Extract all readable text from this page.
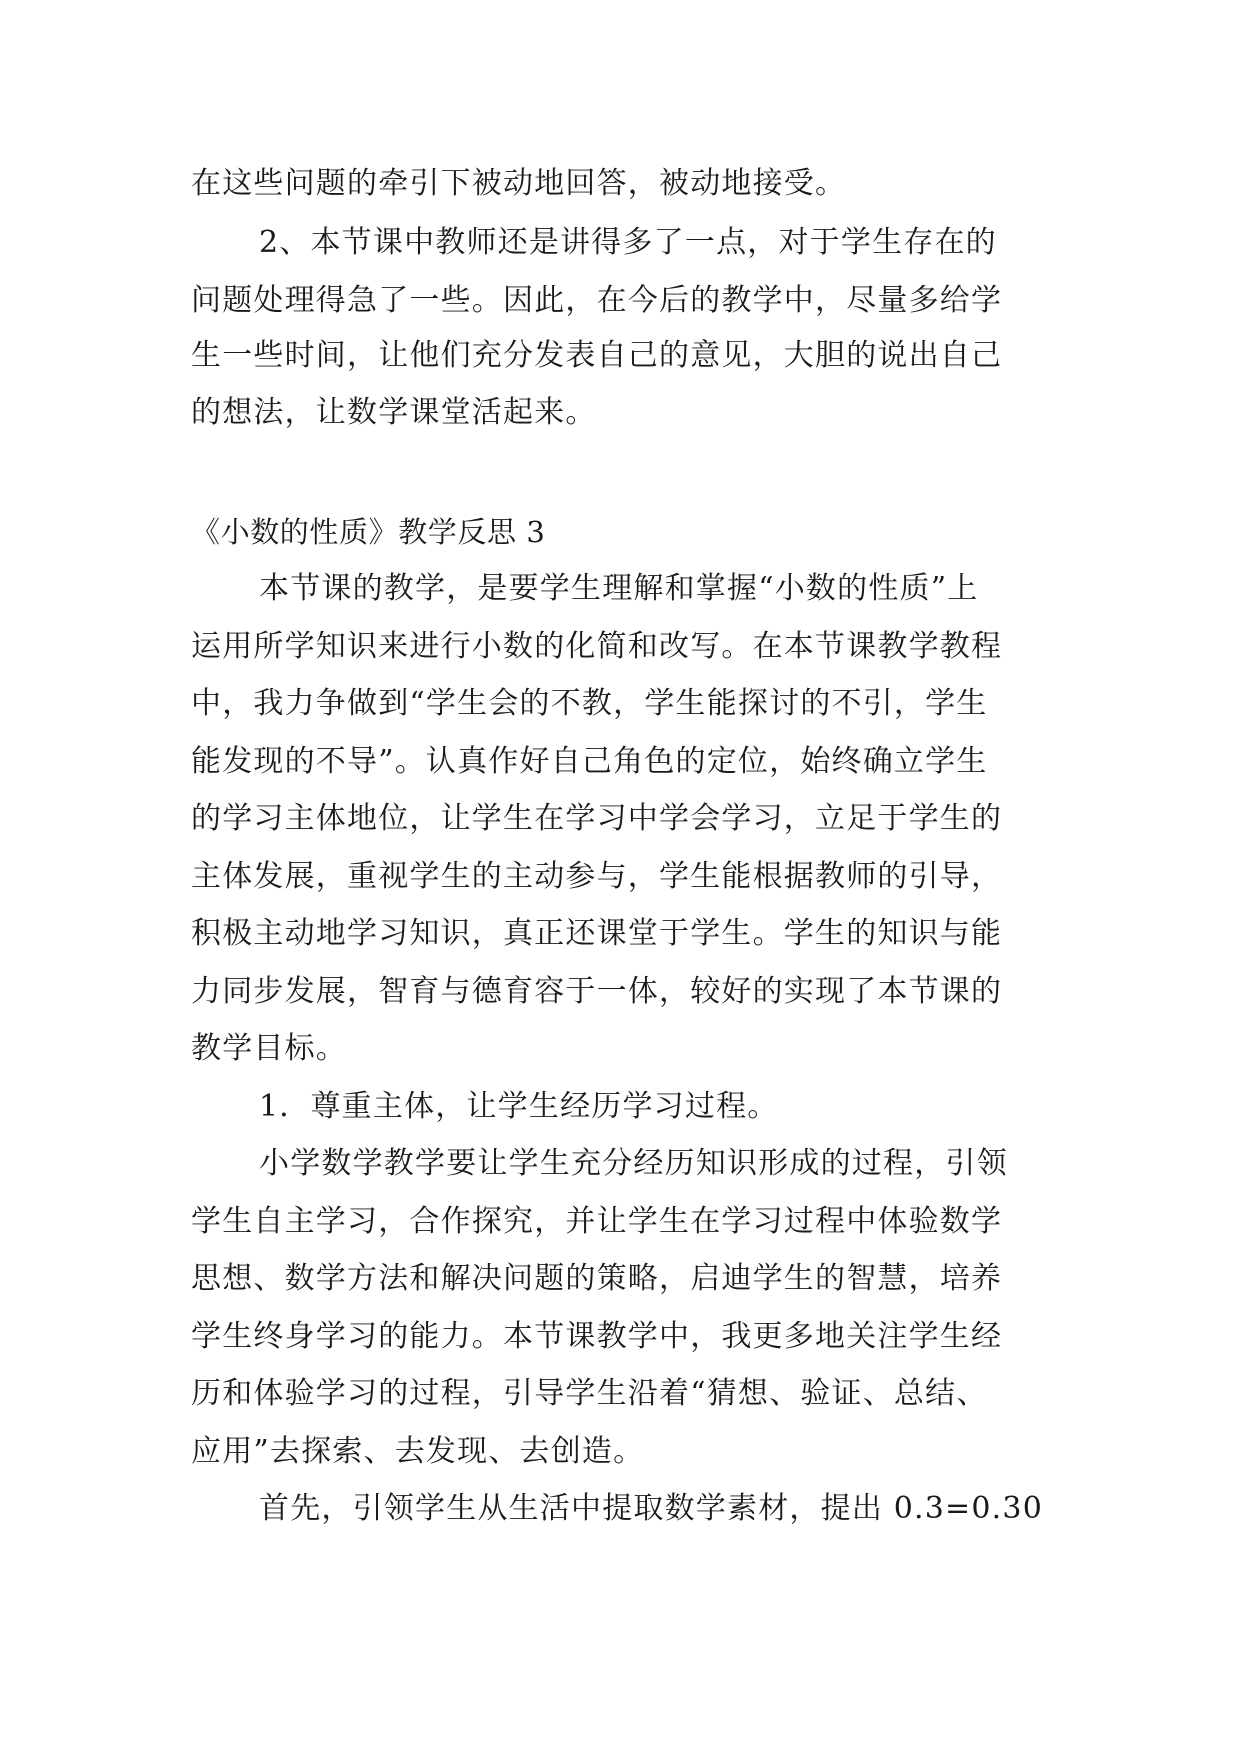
在这些问题的牵引下被动地回答，被动地接受。
2、本节课中教师还是讲得多了一点，对于学生存在的
问题处理得急了一些。因此，在今后的教学中，尽量多给学
生一些时间，让他们充分发表自己的意见，大胆的说出自己
的想法，让数学课堂活起来。
《小数的性质》教学反思 3
本节课的教学，是要学生理解和掌握“小数的性质”上
运用所学知识来进行小数的化简和改写。在本节课教学教程
中，我力争做到“学生会的不教，学生能探讨的不引，学生
能发现的不导”。认真作好自己角色的定位，始终确立学生
的学习主体地位，让学生在学习中学会学习，立足于学生的
主体发展，重视学生的主动参与，学生能根据教师的引导，
积极主动地学习知识，真正还课堂于学生。学生的知识与能
力同步发展，智育与德育容于一体，较好的实现了本节课的
教学目标。
1．尊重主体，让学生经历学习过程。
小学数学教学要让学生充分经历知识形成的过程，引领
学生自主学习，合作探究，并让学生在学习过程中体验数学
思想、数学方法和解决问题的策略，启迪学生的智慧，培养
学生终身学习的能力。本节课教学中，我更多地关注学生经
历和体验学习的过程，引导学生沿着“猜想、验证、总结、
应用”去探索、去发现、去创造。
首先，引领学生从生活中提取数学素材，提出 0.3=0.30
